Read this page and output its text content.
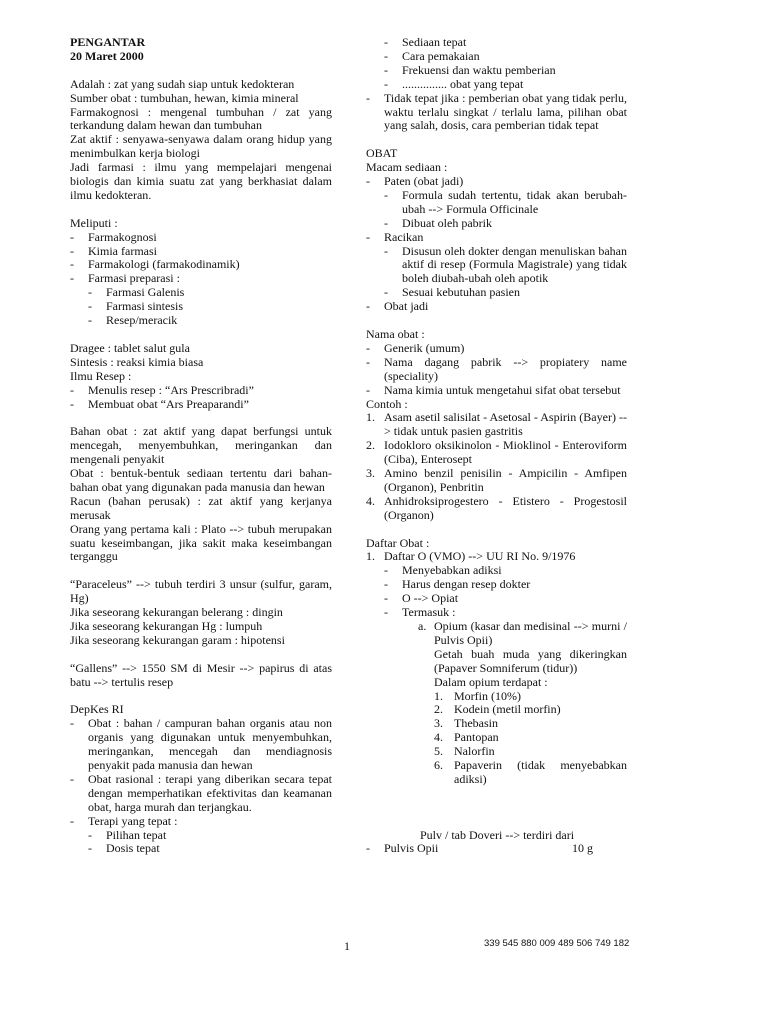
PENGANTAR

20 Maret 2000

Adalah : zat yang sudah siap untuk kedokteran

Sumber obat : tumbuhan, hewan, kimia mineral

Farmakognosi : mengenal tumbuhan / zat yang terkandung dalam hewan dan tumbuhan

Zat aktif : senyawa-senyawa dalam orang hidup yang menimbulkan kerja biologi

Jadi farmasi : ilmu yang mempelajari mengenai biologis dan kimia suatu zat yang berkhasiat dalam ilmu kedokteran.

Meliputi :

- Farmakognosi
- Kimia farmasi
- Farmakologi (farmakodinamik)
- Farmasi preparasi :
- Farmasi Galenis
- Farmasi sintesis
- Resep/meracik

Dragee : tablet salut gula

Sintesis : reaksi kimia biasa

Ilmu Resep :

- Menulis resep : “Ars Prescribradi”
- Membuat obat “Ars Preaparandi”

Bahan obat : zat aktif yang dapat berfungsi untuk mencegah, menyembuhkan, meringankan dan mengenali penyakit

Obat : bentuk-bentuk sediaan tertentu dari bahan-bahan obat yang digunakan pada manusia dan hewan

Racun (bahan perusak) : zat aktif yang kerjanya merusak

Orang yang pertama kali : Plato --> tubuh merupakan suatu keseimbangan, jika sakit maka keseimbangan terganggu

“Paraceleus” --> tubuh terdiri 3 unsur (sulfur, garam, Hg)

Jika seseorang kekurangan belerang : dingin

Jika seseorang kekurangan Hg : lumpuh

Jika seseorang kekurangan garam : hipotensi

“Gallens” --> 1550 SM di Mesir --> papirus di atas batu --> tertulis resep

DepKes RI

- Obat : bahan / campuran bahan organis atau non organis yang digunakan untuk menyembuhkan, meringankan, mencegah dan mendiagnosis penyakit pada manusia dan hewan
- Obat rasional : terapi yang diberikan secara tepat dengan memperhatikan efektivitas dan keamanan obat, harga murah dan terjangkau.
- Terapi yang tepat :
- Pilihan tepat
- Dosis tepat
- Sediaan tepat
- Cara pemakaian
- Frekuensi dan waktu pemberian
- ............... obat yang tepat
- Tidak tepat jika : pemberian obat yang tidak perlu, waktu terlalu singkat / terlalu lama, pilihan obat yang salah, dosis, cara pemberian tidak tepat

OBAT

Macam sediaan :

- Paten (obat jadi)
- Formula sudah tertentu, tidak akan berubah-ubah --> Formula Officinale
- Dibuat oleh pabrik
- Racikan
- Disusun oleh dokter dengan menuliskan bahan aktif di resep (Formula Magistrale) yang tidak boleh diubah-ubah oleh apotik
- Sesuai kebutuhan pasien
- Obat jadi

Nama obat :

- Generik (umum)
- Nama dagang pabrik --> propiatery name (speciality)
- Nama kimia untuk mengetahui sifat obat tersebut

Contoh :

1. Asam asetil salisilat - Asetosal - Aspirin (Bayer) --> tidak untuk pasien gastritis
2. Iodokloro oksikinolon - Mioklinol - Enteroviform (Ciba), Enterosept
3. Amino benzil penisilin - Ampicilin - Amfipen (Organon), Penbritin
4. Anhidroksiprogestero - Etistero - Progestosil (Organon)

Daftar Obat :

1. Daftar O (VMO) --> UU RI No. 9/1976
- Menyebabkan adiksi
- Harus dengan resep dokter
- O --> Opiat
- Termasuk :
a. Opium (kasar dan medisinal --> murni / Pulvis Opii)
Getah buah muda yang dikeringkan (Papaver Somniferum (tidur))
Dalam opium terdapat :
1. Morfin (10%)
2. Kodein (metil morfin)
3. Thebasin
4. Pantopan
5. Nalorfin
6. Papaverin (tidak menyebabkan adiksi)

Pulv / tab Doveri --> terdiri dari

- Pulvis Opii	10 g
1	339 545 880 009 489 506 749 182
